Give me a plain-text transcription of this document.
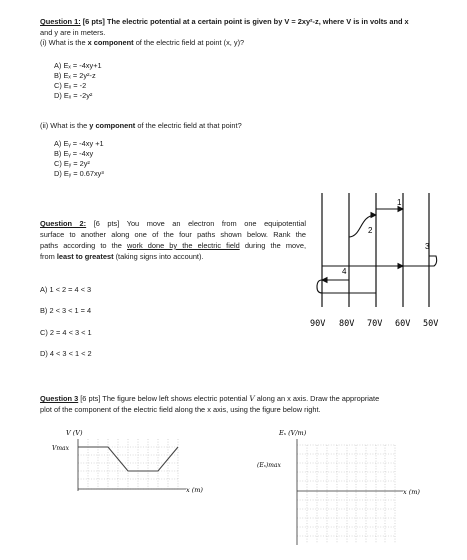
Question 1: [6 pts] The electric potential at a certain point is given by V = 2xy²-z, where V is in volts and x
and y are in meters.
(i) What is the x component of the electric field at point (x, y)?
A) Eₓ = -4xy+1
B) Eₓ = 2y²-z
C) Eₓ = -2
D) Eₓ = -2y²
(ii) What is the y component of the electric field at that point?
A) Eᵧ = -4xy +1
B) Eᵧ = -4xy
C) Eᵧ = 2y²
D) Eᵧ = 0.67xy³
Question 2: [6 pts] You move an electron from one equipotential
surface to another along one of the four paths shown below. Rank the
paths according to the work done by the electric field during the move,
from least to greatest (taking signs into account).
A) 1 < 2 = 4 < 3
B) 2 < 3 < 1 = 4
C) 2 = 4 < 3 < 1
D) 4 < 3 < 1 < 2
1
2
3
4
90V 80V 70V 60V 50V
Question 3 [6 pts] The figure below left shows electric potential V along an x axis. Draw the appropriate
plot of the component of the electric field along the x axis, using the figure below right.
V (V)
Vmax
x (m)
Eₓ (V/m)
(Eₓ)max
x (m)
